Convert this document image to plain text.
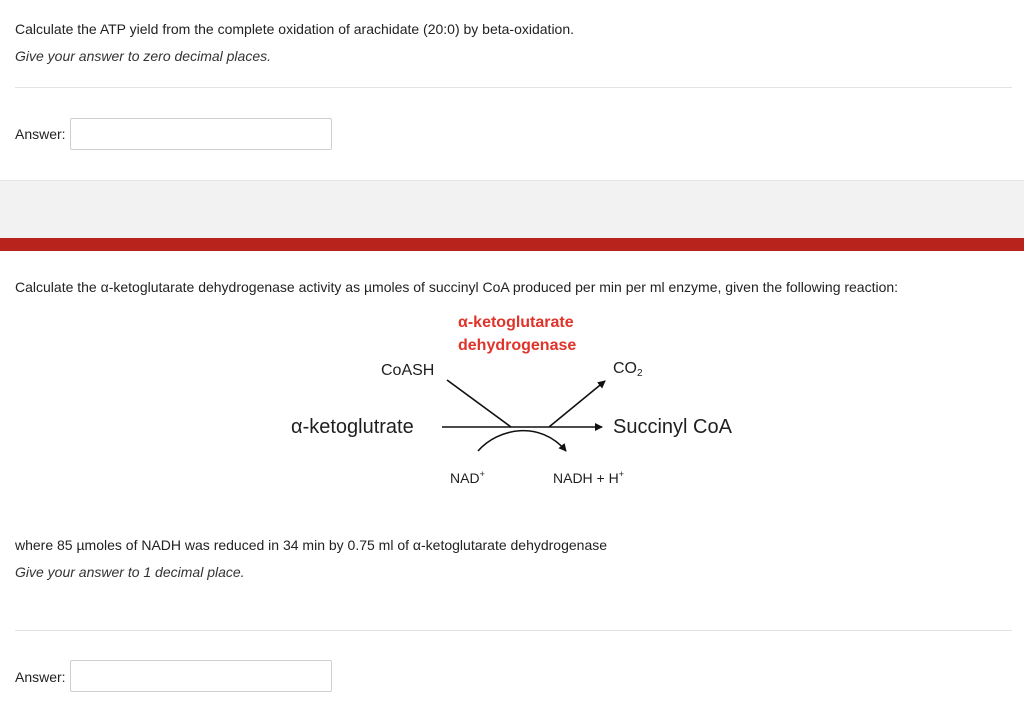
Calculate the ATP yield from the complete oxidation of arachidate (20:0) by beta-oxidation.
Give your answer to zero decimal places.
Answer:
Calculate the α-ketoglutarate dehydrogenase activity as µmoles of succinyl CoA produced per min per ml enzyme, given the following reaction:
α-ketoglutarate
dehydrogenase
CoASH	$CO_2$
α-ketoglutrate	Succinyl CoA
NAD+	NADH + H+
where 85 µmoles of NADH was reduced in 34 min by 0.75 ml of α-ketoglutarate dehydrogenase
Give your answer to 1 decimal place.
Answer:
